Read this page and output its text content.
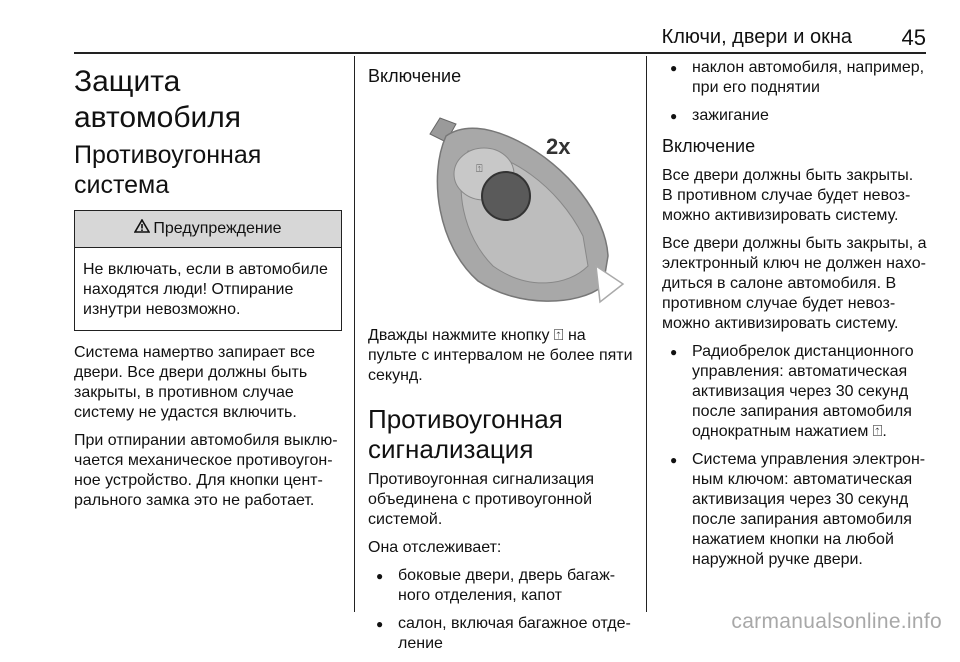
Ключи, двери и окна 45
Защита автомобиля
Противоугонная система
Предупреждение
Не включать, если в автомобиле находятся люди! Отпирание изнутри невозможно.

Система намертво запирает все двери. Все двери должны быть закрыты, в противном случае систему не удастся включить.

При отпирании автомобиля выклю-чается механическое противоугон-ное устройство. Для кнопки цент-рального замка это не работает.

Включение
⍐

Дважды нажмите кнопку ⍐ на пульте с интервалом не более пяти секунд.

Противоугонная сигнализация

Противоугонная сигнализация объединена с противоугонной системой.

Она отслеживает:

● боковые двери, дверь багаж-ного отделения, капот
● салон, включая багажное отде-ление
2x
● наклон автомобиля, например, при его поднятии
● зажигание
Включение

Все двери должны быть закрыты. В противном случае будет невоз-можно активизировать систему.

Все двери должны быть закрыты, а электронный ключ не должен нахо-диться в салоне автомобиля. В противном случае будет невоз-можно активизировать систему.

● Радиобрелок дистанционного управления: автоматическая активизация через 30 секунд после запирания автомобиля однократным нажатием ⍐.
● Система управления электрон-ным ключом: автоматическая активизация через 30 секунд после запирания автомобиля нажатием кнопки на любой наружной ручке двери.
carmanualsonline.info
